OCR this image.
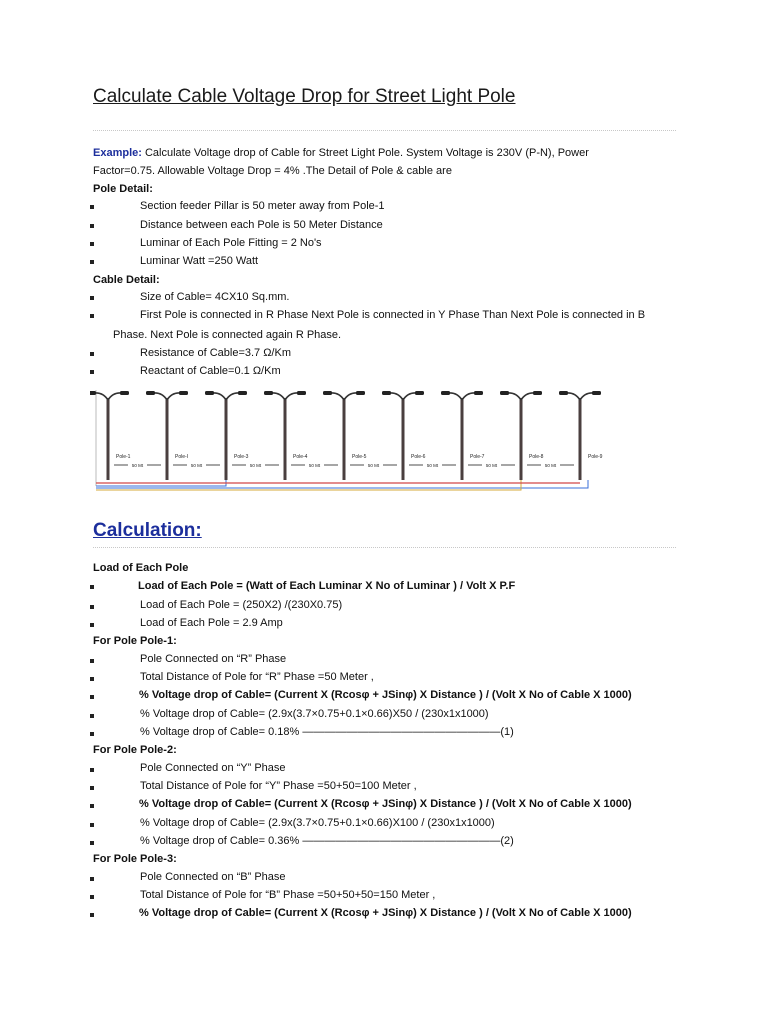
Calculate Cable Voltage Drop for Street Light Pole
Example: Calculate Voltage drop of Cable for Street Light Pole. System Voltage is 230V (P-N), Power
Factor=0.75. Allowable Voltage Drop = 4% .The Detail of Pole & cable are
Pole Detail:
Section feeder Pillar is 50 meter away from Pole-1
Distance between each Pole is 50 Meter Distance
Luminar of Each Pole Fitting = 2 No's
Luminar Watt =250 Watt
Cable Detail:
Size of Cable= 4CX10 Sq.mm.
First Pole is connected in R Phase Next Pole is connected in Y Phase Than Next Pole is connected in B
Phase. Next Pole is connected again R Phase.
Resistance of Cable=3.7 Ω/Km
Reactant of Cable=0.1 Ω/Km
Pole-1	Pole-I	Pole-3	Pole-4	Pole-5	Pole-6	Pole-7	Pole-8	Pole-9
50 Mt	50 Mt	50 Mt	50 Mt	50 Mt	50 Mt	50 Mt	50 Mt
Calculation:
Load of Each Pole
Load of Each Pole = (Watt of Each Luminar X No of Luminar ) / Volt X P.F
Load of Each Pole = (250X2) /(230X0.75)
Load of Each Pole = 2.9 Amp
For Pole Pole-1:
Pole Connected on “R” Phase
Total Distance of Pole for “R” Phase =50 Meter ,
% Voltage drop of Cable= (Current X (Rcosφ + JSinφ) X Distance ) / (Volt X No of Cable X 1000)
% Voltage drop of Cable= (2.9x(3.7×0.75+0.1×0.66)X50 / (230x1x1000)
% Voltage drop of Cable= 0.18% ——————————————————(1)
For Pole Pole-2:
Pole Connected on “Y” Phase
Total Distance of Pole for “Y” Phase =50+50=100 Meter ,
% Voltage drop of Cable= (Current X (Rcosφ + JSinφ) X Distance ) / (Volt X No of Cable X 1000)
% Voltage drop of Cable= (2.9x(3.7×0.75+0.1×0.66)X100 / (230x1x1000)
% Voltage drop of Cable= 0.36% ——————————————————(2)
For Pole Pole-3:
Pole Connected on “B” Phase
Total Distance of Pole for “B” Phase =50+50+50=150 Meter ,
% Voltage drop of Cable= (Current X (Rcosφ + JSinφ) X Distance ) / (Volt X No of Cable X 1000)
